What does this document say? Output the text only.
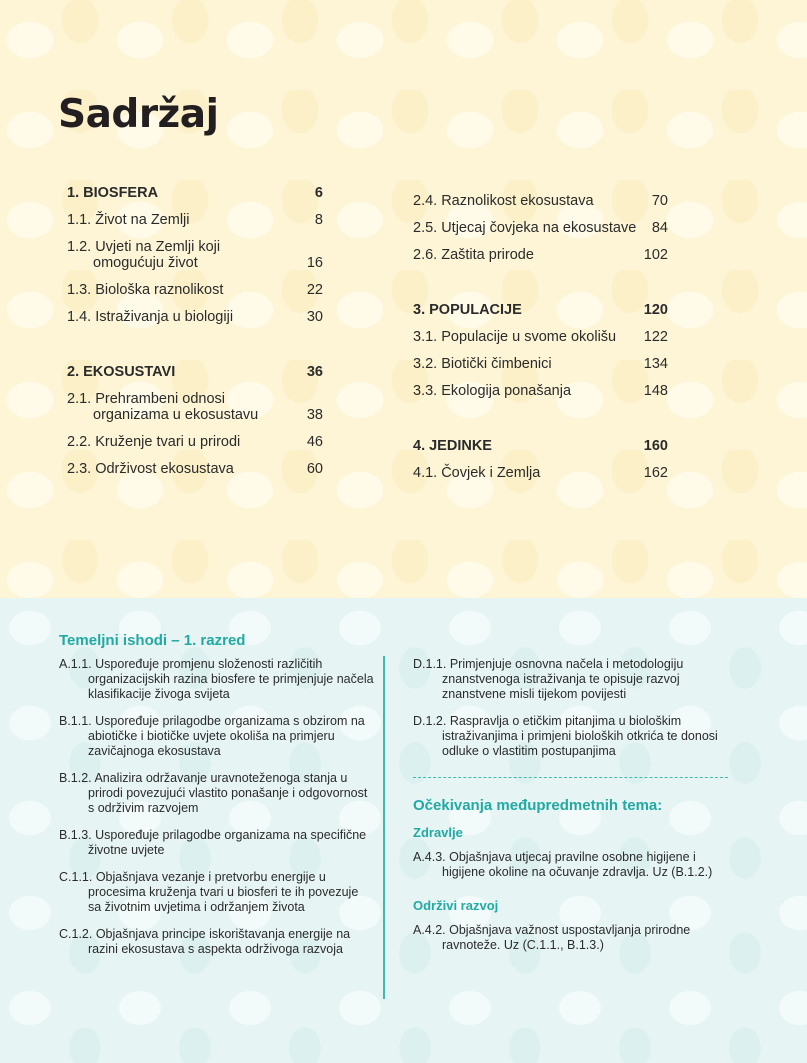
Sadržaj
1. BIOSFERA	6
1.1. Život na Zemlji	8
1.2. Uvjeti na Zemlji koji omogućuju život	16
1.3. Biološka raznolikost	22
1.4. Istraživanja u biologiji	30
2. EKOSUSTAVI	36
2.1. Prehrambeni odnosi organizama u ekosustavu	38
2.2. Kruženje tvari u prirodi	46
2.3. Održivost ekosustava	60
2.4. Raznolikost ekosustava	70
2.5. Utjecaj čovjeka na ekosustave	84
2.6. Zaštita prirode	102
3. POPULACIJE	120
3.1. Populacije u svome okolišu	122
3.2. Biotički čimbenici	134
3.3. Ekologija ponašanja	148
4. JEDINKE	160
4.1. Čovjek i Zemlja	162
Temeljni ishodi – 1. razred
A.1.1. Uspoređuje promjenu složenosti različitih organizacijskih razina biosfere te primjenjuje načela klasifikacije živoga svijeta
B.1.1. Uspoređuje prilagodbe organizama s obzirom na abiotičke i biotičke uvjete okoliša na primjeru zavičajnoga ekosustava
B.1.2. Analizira održavanje uravnoteženoga stanja u prirodi povezujući vlastito ponašanje i odgovornost s održivim razvojem
B.1.3. Uspoređuje prilagodbe organizama na specifične životne uvjete
C.1.1. Objašnjava vezanje i pretvorbu energije u procesima kruženja tvari u biosferi te ih povezuje sa životnim uvjetima i održanjem života
C.1.2. Objašnjava principe iskorištavanja energije na razini ekosustava s aspekta održivoga razvoja
D.1.1. Primjenjuje osnovna načela i metodologiju znanstvenoga istraživanja te opisuje razvoj znanstvene misli tijekom povijesti
D.1.2. Raspravlja o etičkim pitanjima u biološkim istraživanjima i primjeni bioloških otkrića te donosi odluke o vlastitim postupanjima
Očekivanja međupredmetnih tema:
Zdravlje
A.4.3. Objašnjava utjecaj pravilne osobne higijene i higijene okoline na očuvanje zdravlja. Uz (B.1.2.)
Održivi razvoj
A.4.2. Objašnjava važnost uspostavljanja prirodne ravnoteže. Uz (C.1.1., B.1.3.)
